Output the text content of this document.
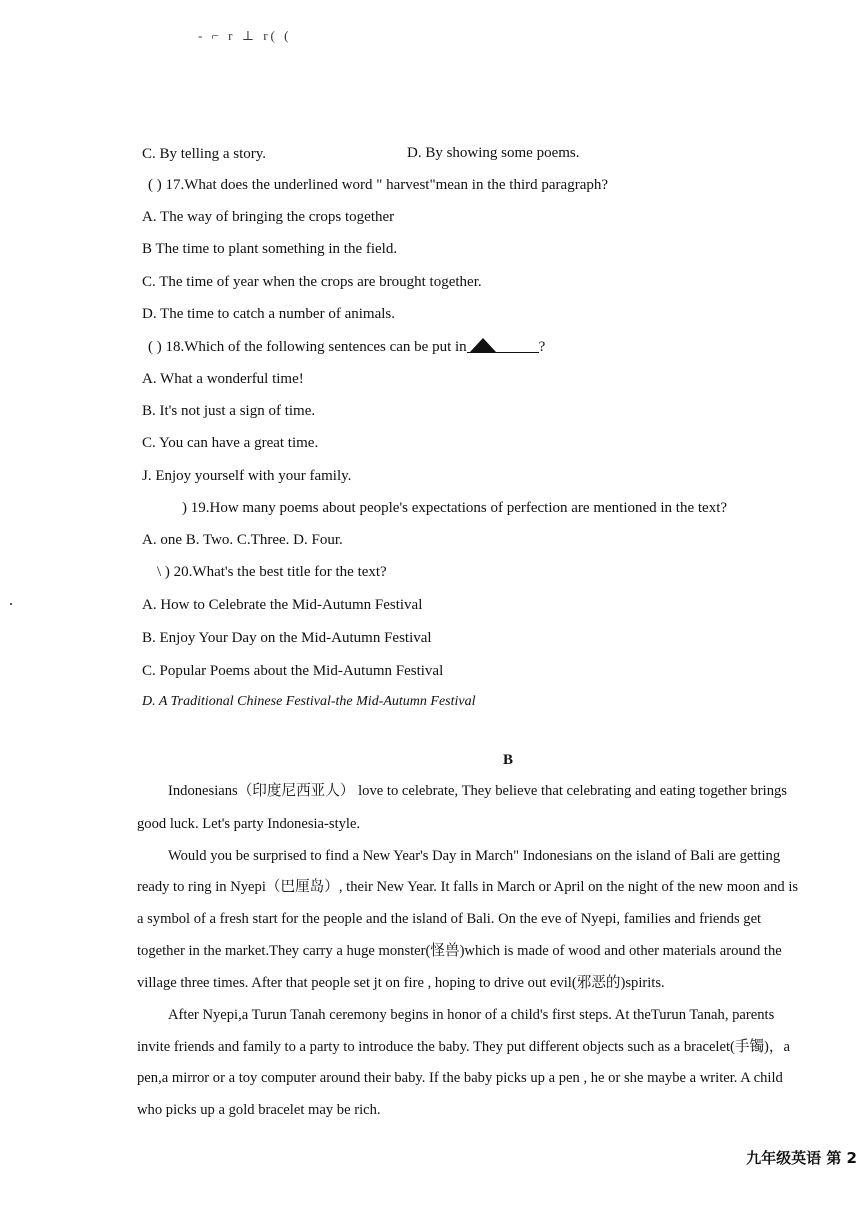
- ⌐ r ⊥ r( (
C. By telling a story.	D. By showing some poems.
( ) 17.What does the underlined word " harvest"mean in the third paragraph?
A. The way of bringing the crops together
B The time to plant something in the field.
C. The time of year when the crops are brought together.
D. The time to catch a number of animals.
( ) 18.Which of the following sentences can be put in	?
A. What a wonderful time!
B. It's not just a sign of time.
C. You can have a great time.
J. Enjoy yourself with your family.
) 19.How many poems about people's expectations of perfection are mentioned in the text?
A. one B. Two. C.Three. D. Four.
\ ) 20.What's the best title for the text?
A. How to Celebrate the Mid-Autumn Festival
B. Enjoy Your Day on the Mid-Autumn Festival
C. Popular Poems about the Mid-Autumn Festival
D. A Traditional Chinese Festival-the Mid-Autumn Festival
B
Indonesians（印度尼西亚人） love to celebrate, They believe that celebrating and eating together brings
good luck. Let's party Indonesia-style.
Would you be surprised to find a New Year's Day in March" Indonesians on the island of Bali are getting
ready to ring in Nyepi（巴厘岛）, their New Year. It falls in March or April on the night of the new moon and is
a symbol of a fresh start for the people and the island of Bali. On the eve of Nyepi, families and friends get
together in the market.They carry a huge monster(怪兽)which is made of wood and other materials around the
village three times. After that people set jt on fire , hoping to drive out evil(邪恶的)spirits.
After Nyepi,a Turun Tanah ceremony begins in honor of a child's first steps. At theTurun Tanah, parents
invite friends and family to a party to introduce the baby. They put different objects such as a bracelet(手镯)，a
pen,a mirror or a toy computer around their baby. If the baby picks up a pen , he or she maybe a writer. A child
who picks up a gold bracelet may be rich.
九年级英语 第 2
